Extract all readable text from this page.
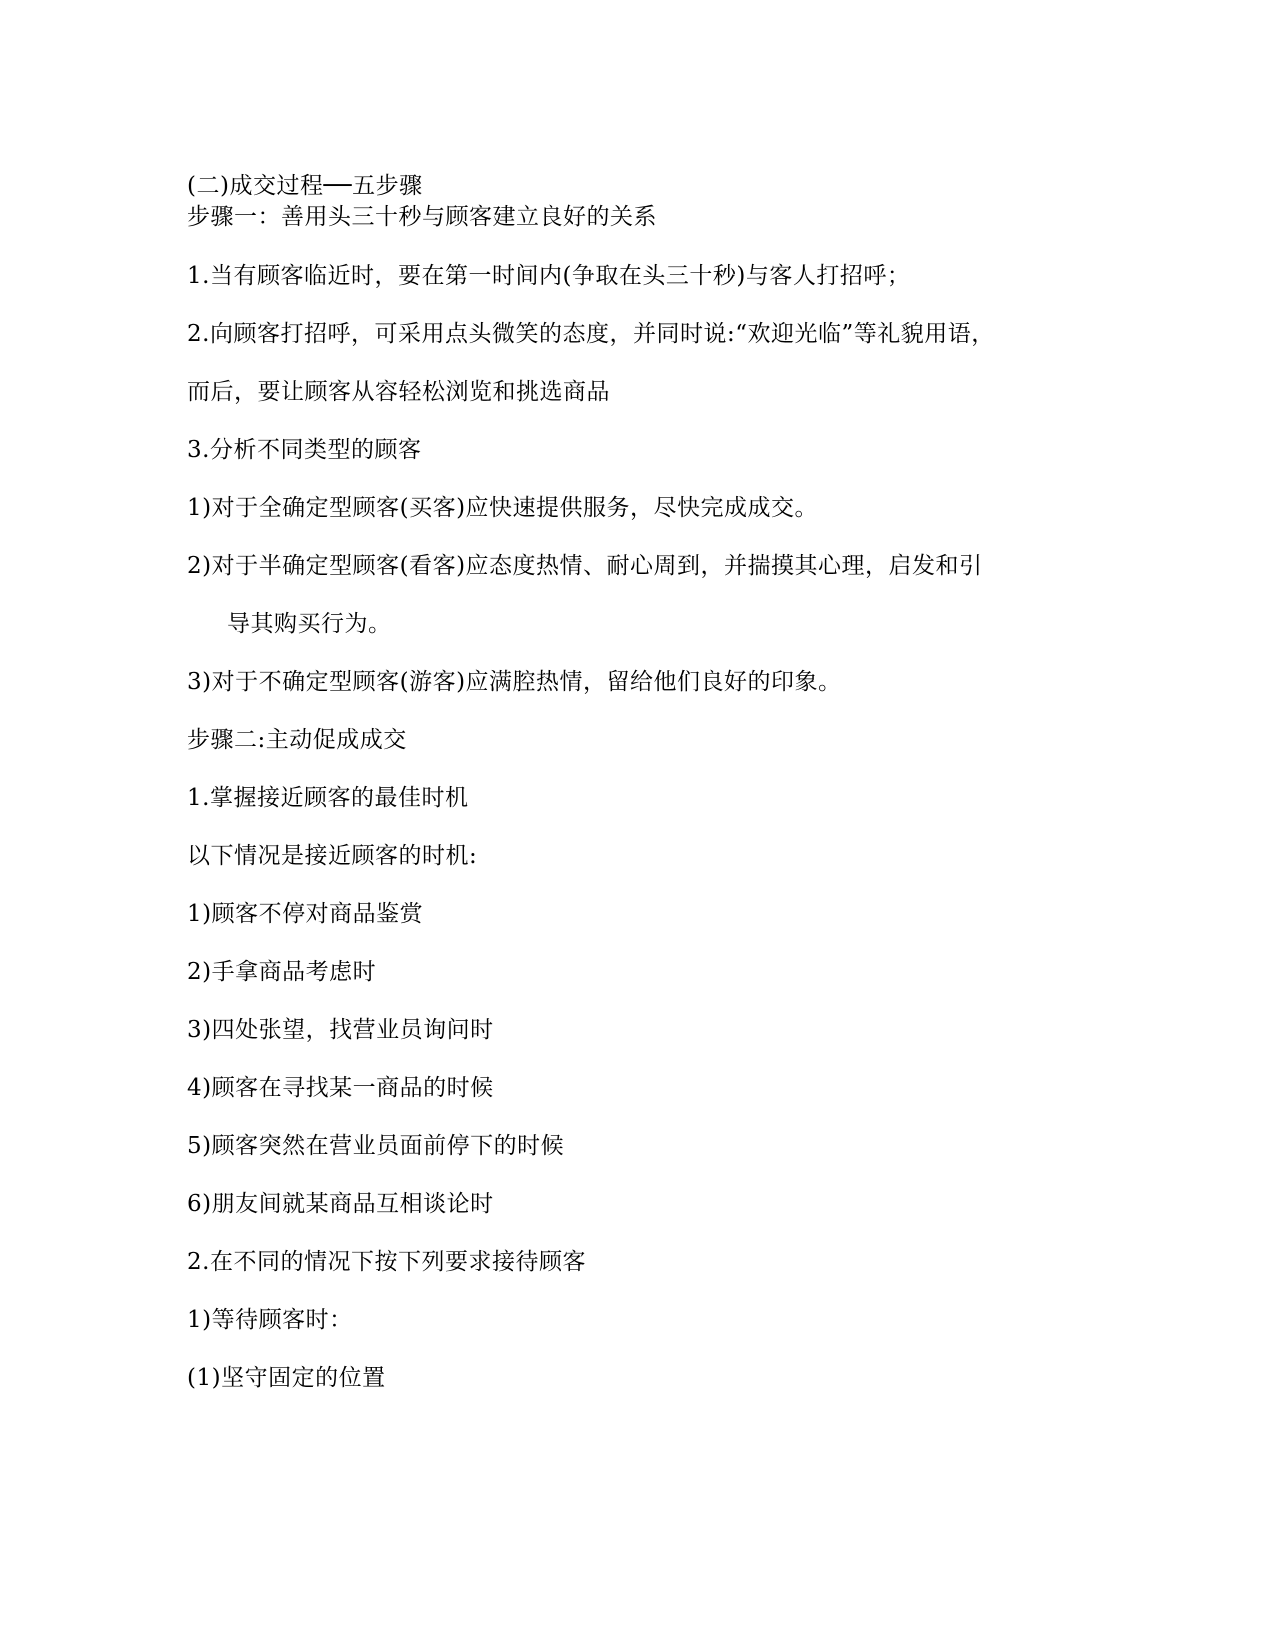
(二)成交过程──五步骤
步骤一：善用头三十秒与顾客建立良好的关系
1.当有顾客临近时，要在第一时间内(争取在头三十秒)与客人打招呼；
2.向顾客打招呼，可采用点头微笑的态度，并同时说:“欢迎光临”等礼貌用语，
而后，要让顾客从容轻松浏览和挑选商品
3.分析不同类型的顾客
1)对于全确定型顾客(买客)应快速提供服务，尽快完成成交。
2)对于半确定型顾客(看客)应态度热情、耐心周到，并揣摸其心理，启发和引
导其购买行为。
3)对于不确定型顾客(游客)应满腔热情，留给他们良好的印象。
步骤二:主动促成成交
1.掌握接近顾客的最佳时机
以下情况是接近顾客的时机:
1)顾客不停对商品鉴赏
2)手拿商品考虑时
3)四处张望，找营业员询问时
4)顾客在寻找某一商品的时候
5)顾客突然在营业员面前停下的时候
6)朋友间就某商品互相谈论时
2.在不同的情况下按下列要求接待顾客
1)等待顾客时：
(1)坚守固定的位置
